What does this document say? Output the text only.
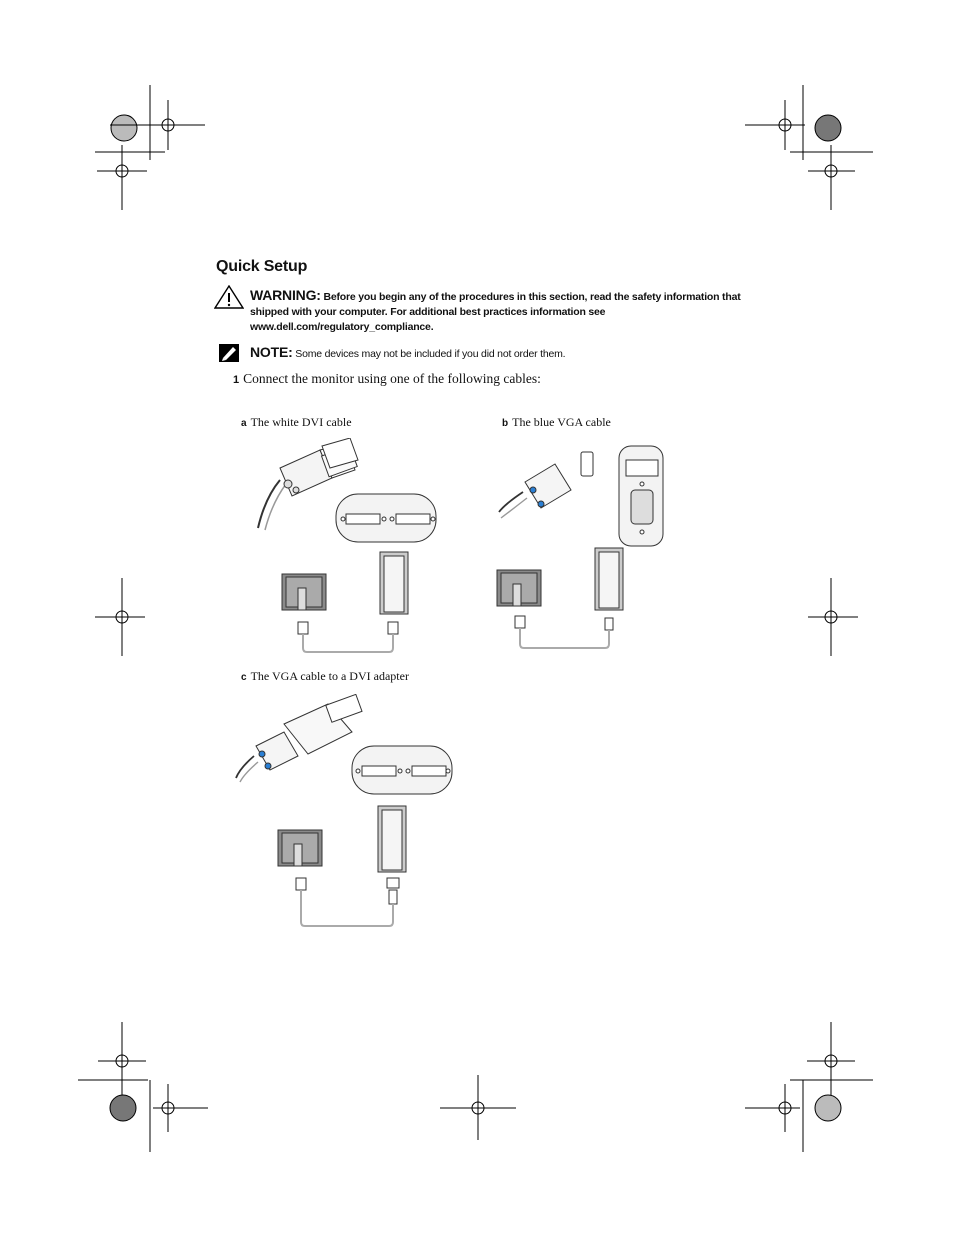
Quick Setup
WARNING: Before you begin any of the procedures in this section, read the safety information that shipped with your computer. For additional best practices information see www.dell.com/regulatory_compliance.
NOTE: Some devices may not be included if you did not order them.
1 Connect the monitor using one of the following cables:
a The white DVI cable	b The blue VGA cable
c The VGA cable to a DVI adapter
